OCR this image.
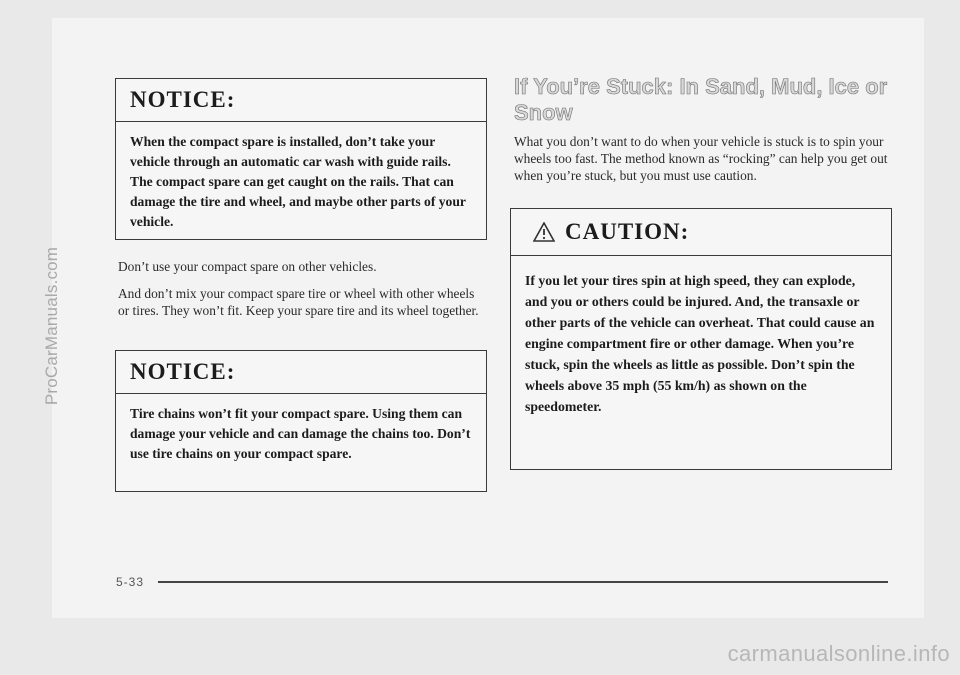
ProCarManuals.com
carmanualsonline.info
NOTICE:
When the compact spare is installed, don’t take your vehicle through an automatic car wash with guide rails. The compact spare can get caught on the rails. That can damage the tire and wheel, and maybe other parts of your vehicle.
Don’t use your compact spare on other vehicles.
And don’t mix your compact spare tire or wheel with other wheels or tires. They won’t fit. Keep your spare tire and its wheel together.
NOTICE:
Tire chains won’t fit your compact spare. Using them can damage your vehicle and can damage the chains too. Don’t use tire chains on your compact spare.
If You’re Stuck: In Sand, Mud, Ice or Snow
What you don’t want to do when your vehicle is stuck is to spin your wheels too fast. The method known as “rocking” can help you get out when you’re stuck, but you must use caution.
CAUTION:
If you let your tires spin at high speed, they can explode, and you or others could be injured. And, the transaxle or other parts of the vehicle can overheat. That could cause an engine compartment fire or other damage. When you’re stuck, spin the wheels as little as possible. Don’t spin the wheels above 35 mph (55 km/h) as shown on the speedometer.
5-33
